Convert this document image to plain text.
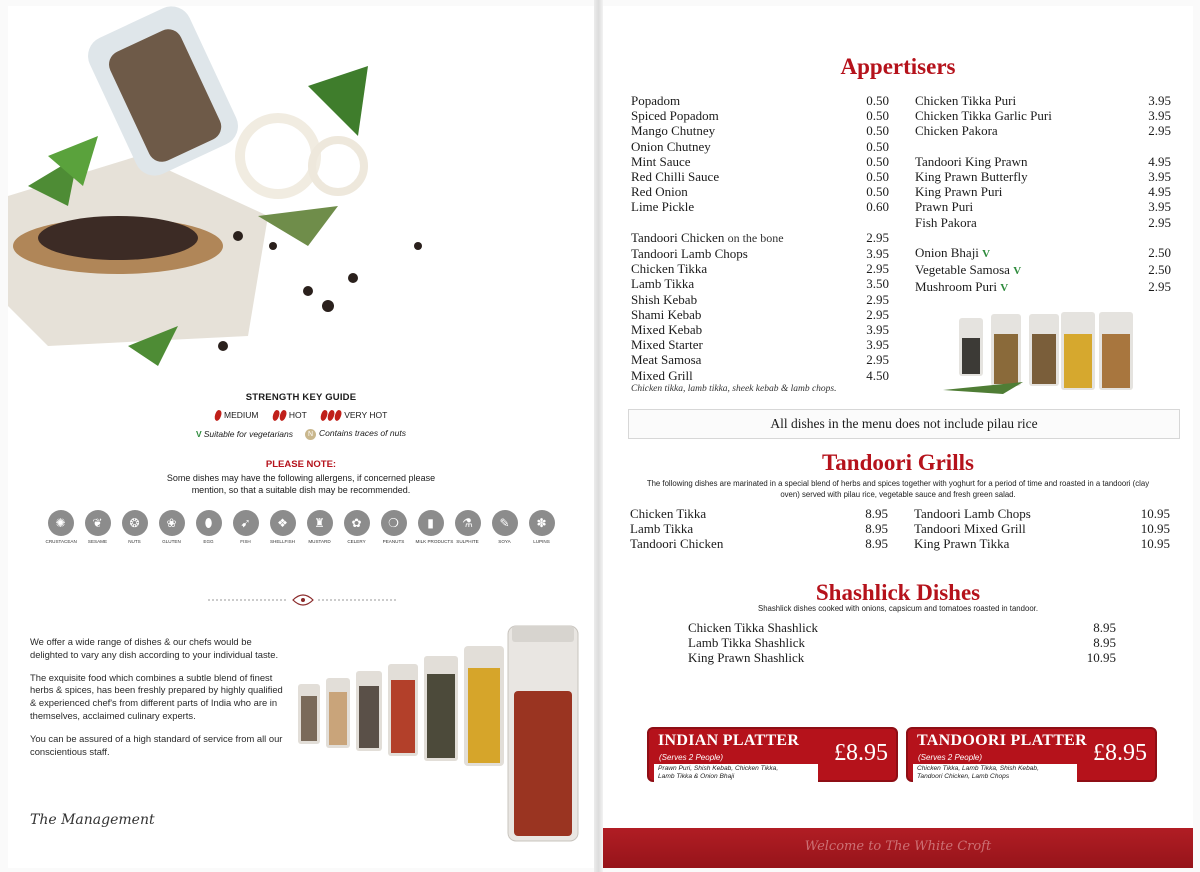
STRENGTH KEY GUIDE
MEDIUM	HOT	VERY HOT
V Suitable for vegetarians	N Contains traces of nuts
PLEASE NOTE:
Some dishes may have the following allergens, if concerned please
mention, so that a suitable dish may be recommended.
✺
CRUSTACEAN
❦
SESAME
❂
NUTS
❀
GLUTEN
⬮
EGG
➹
FISH
❖
SHELLFISH
♜
MUSTARD
✿
CELERY
❍
PEANUTS
▮
MILK PRODUCTS
⚗
SULPHITE
✎
SOYA
✽
LUPINS

We offer a wide range of dishes & our chefs would be delighted to vary any dish according to your individual taste.

The exquisite food which combines a subtle blend of finest herbs & spices, has been freshly prepared by highly qualified & experienced chef's from different parts of India who are in themselves, acclaimed culinary experts.

You can be assured of a high standard of service from all our conscientious staff.

The Management
Appertisers
Popadom	0.50
Spiced Popadom	0.50
Mango Chutney	0.50
Onion Chutney	0.50
Mint Sauce	0.50
Red Chilli Sauce	0.50
Red Onion	0.50
Lime Pickle	0.60
Tandoori Chicken on the bone	2.95
Tandoori Lamb Chops	3.95
Chicken Tikka	2.95
Lamb Tikka	3.50
Shish Kebab	2.95
Shami Kebab	2.95
Mixed Kebab	3.95
Mixed Starter	3.95
Meat Samosa	2.95
Mixed Grill	4.50
Chicken tikka, lamb tikka, sheek kebab & lamb chops.
Chicken Tikka Puri	3.95
Chicken Tikka Garlic Puri	3.95
Chicken Pakora	2.95
Tandoori King Prawn	4.95
King Prawn Butterfly	3.95
King Prawn Puri	4.95
Prawn Puri	3.95
Fish Pakora	2.95
Onion Bhaji V	2.50
Vegetable Samosa V	2.50
Mushroom Puri V	2.95
All dishes in the menu does not include pilau rice
Tandoori Grills
The following dishes are marinated in a special blend of herbs and spices together with yoghurt for a period of time and roasted in a tandoori (clay
oven) served with pilau rice, vegetable sauce and fresh green salad.
Chicken Tikka	8.95
Lamb Tikka	8.95
Tandoori Chicken	8.95
Tandoori Lamb Chops	10.95
Tandoori Mixed Grill	10.95
King Prawn Tikka	10.95
Shashlick Dishes
Shashlick dishes cooked with onions, capsicum and tomatoes roasted in tandoor.
Chicken Tikka Shashlick	8.95
Lamb Tikka Shashlick	8.95
King Prawn Shashlick	10.95
INDIAN PLATTER
(Serves 2 People)
Prawn Puri, Shish Kebab, Chicken Tikka,
Lamb Tikka & Onion Bhaji
£8.95 TANDOORI PLATTER
(Serves 2 People)
Chicken Tikka, Lamb Tikka, Shish Kebab,
Tandoori Chicken, Lamb Chops
£8.95
Welcome to The White Croft
